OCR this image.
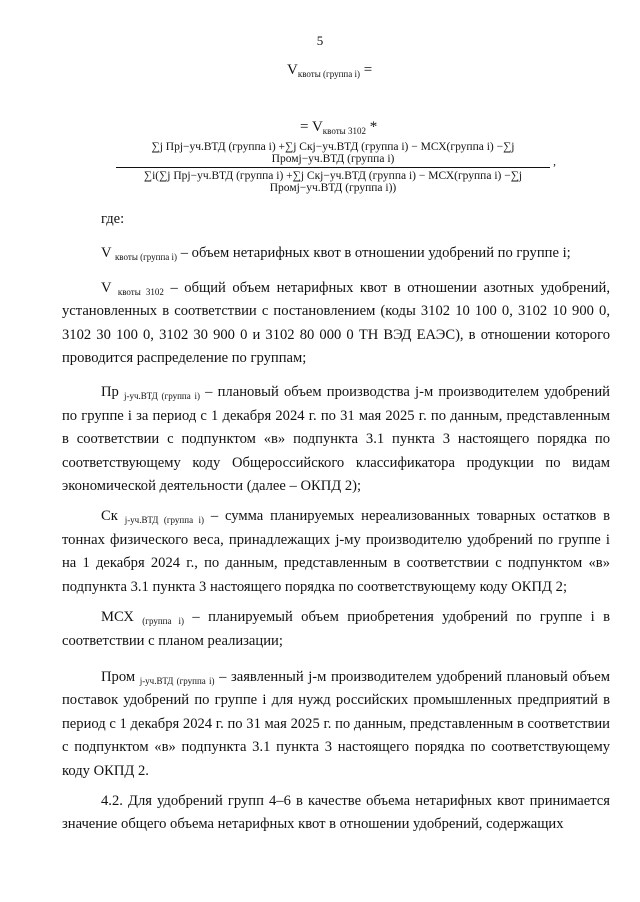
5
$V_{квоты (группа i)}$ =
= $V_{квоты 3102}$ *
∑j Прj−уч.ВТД (группа i) +∑j Скj−уч.ВТД (группа i) − МСХ(группа i) −∑j Промj−уч.ВТД (группа i)
∑i(∑j Прj−уч.ВТД (группа i) +∑j Скj−уч.ВТД (группа i) − МСХ(группа i) −∑j Промj−уч.ВТД (группа i))
,

где:

V $_{квоты (группа i)}$ – объем нетарифных квот в отношении удобрений по группе i;

V $_{квоты 3102}$ – общий объем нетарифных квот в отношении азотных удобрений, установленных в соответствии с постановлением (коды 3102 10 100 0, 3102 10 900 0, 3102 30 100 0, 3102 30 900 0 и 3102 80 000 0 ТН ВЭД ЕАЭС), в отношении которого проводится распределение по группам;

Пр $_{j-уч.ВТД (группа i)}$ – плановый объем производства j-м производителем удобрений по группе i за период с 1 декабря 2024 г. по 31 мая 2025 г. по данным, представленным в соответствии с подпунктом «в» подпункта 3.1 пункта 3 настоящего порядка по соответствующему коду Общероссийского классификатора продукции по видам экономической деятельности (далее – ОКПД 2);

Ск $_{j-уч.ВТД (группа i)}$ – сумма планируемых нереализованных товарных остатков в тоннах физического веса, принадлежащих j-му производителю удобрений по группе i на 1 декабря 2024 г., по данным, представленным в соответствии с подпунктом «в» подпункта 3.1 пункта 3 настоящего порядка по соответствующему коду ОКПД 2;

МСХ $_{(группа i)}$ – планируемый объем приобретения удобрений по группе i в соответствии с планом реализации;

Пром $_{j-уч.ВТД (группа i)}$ – заявленный j-м производителем удобрений плановый объем поставок удобрений по группе i для нужд российских промышленных предприятий в период с 1 декабря 2024 г. по 31 мая 2025 г. по данным, представленным в соответствии с подпунктом «в» подпункта 3.1 пункта 3 настоящего порядка по соответствующему коду ОКПД 2.

4.2. Для удобрений групп 4–6 в качестве объема нетарифных квот принимается значение общего объема нетарифных квот в отношении удобрений, содержащих
